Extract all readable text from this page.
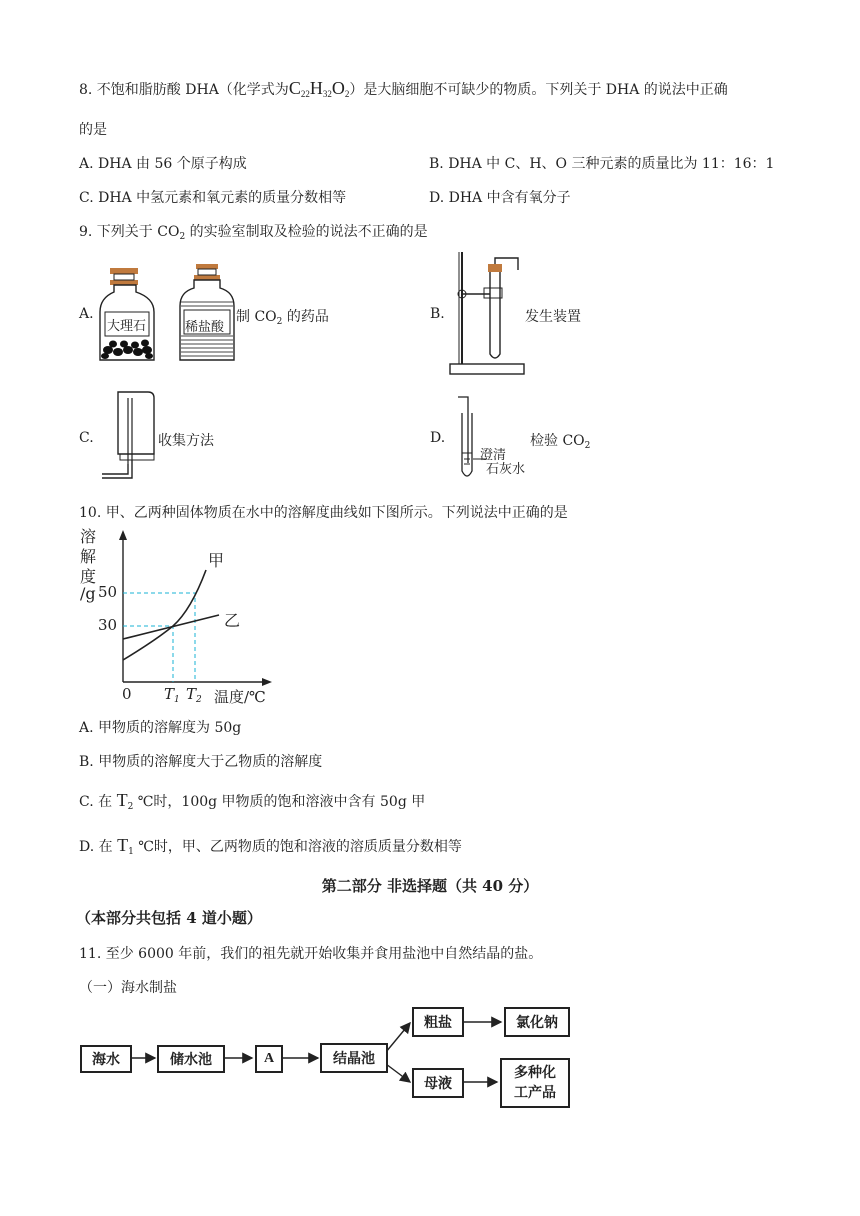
8. 不饱和脂肪酸 DHA（化学式为$C_{22}H_{32}O_2$）是大脑细胞不可缺少的物质。下列关于 DHA 的说法中正确
的是
A. DHA 由 56 个原子构成	B. DHA 中 C、H、O 三种元素的质量比为 11：16：1
C. DHA 中氢元素和氧元素的质量分数相等	D. DHA 中含有氧分子
9. 下列关于 $CO_2$ 的实验室制取及检验的说法不正确的是
A.
大理石	稀盐酸
制 $CO_2$ 的药品	B.	发生装置
C.	收集方法	D.
澄清
石灰水
检验 $CO_2$
10. 甲、乙两种固体物质在水中的溶解度曲线如下图所示。下列说法中正确的是
溶
解
度
/g
甲
乙
50
30
0 $T_1$ $T_2$ 温度/℃
A. 甲物质的溶解度为 50g
B. 甲物质的溶解度大于乙物质的溶解度
C. 在 $T_2$ ℃时，100g 甲物质的饱和溶液中含有 50g 甲
D. 在 $T_1$ ℃时，甲、乙两物质的饱和溶液的溶质质量分数相等
第二部分 非选择题（共 40 分）
（本部分共包括 4 道小题）
11. 至少 6000 年前，我们的祖先就开始收集并食用盐池中自然结晶的盐。
（一）海水制盐
海水	储水池	A	结晶池
粗盐	氯化钠
母液
多种化
工产品
